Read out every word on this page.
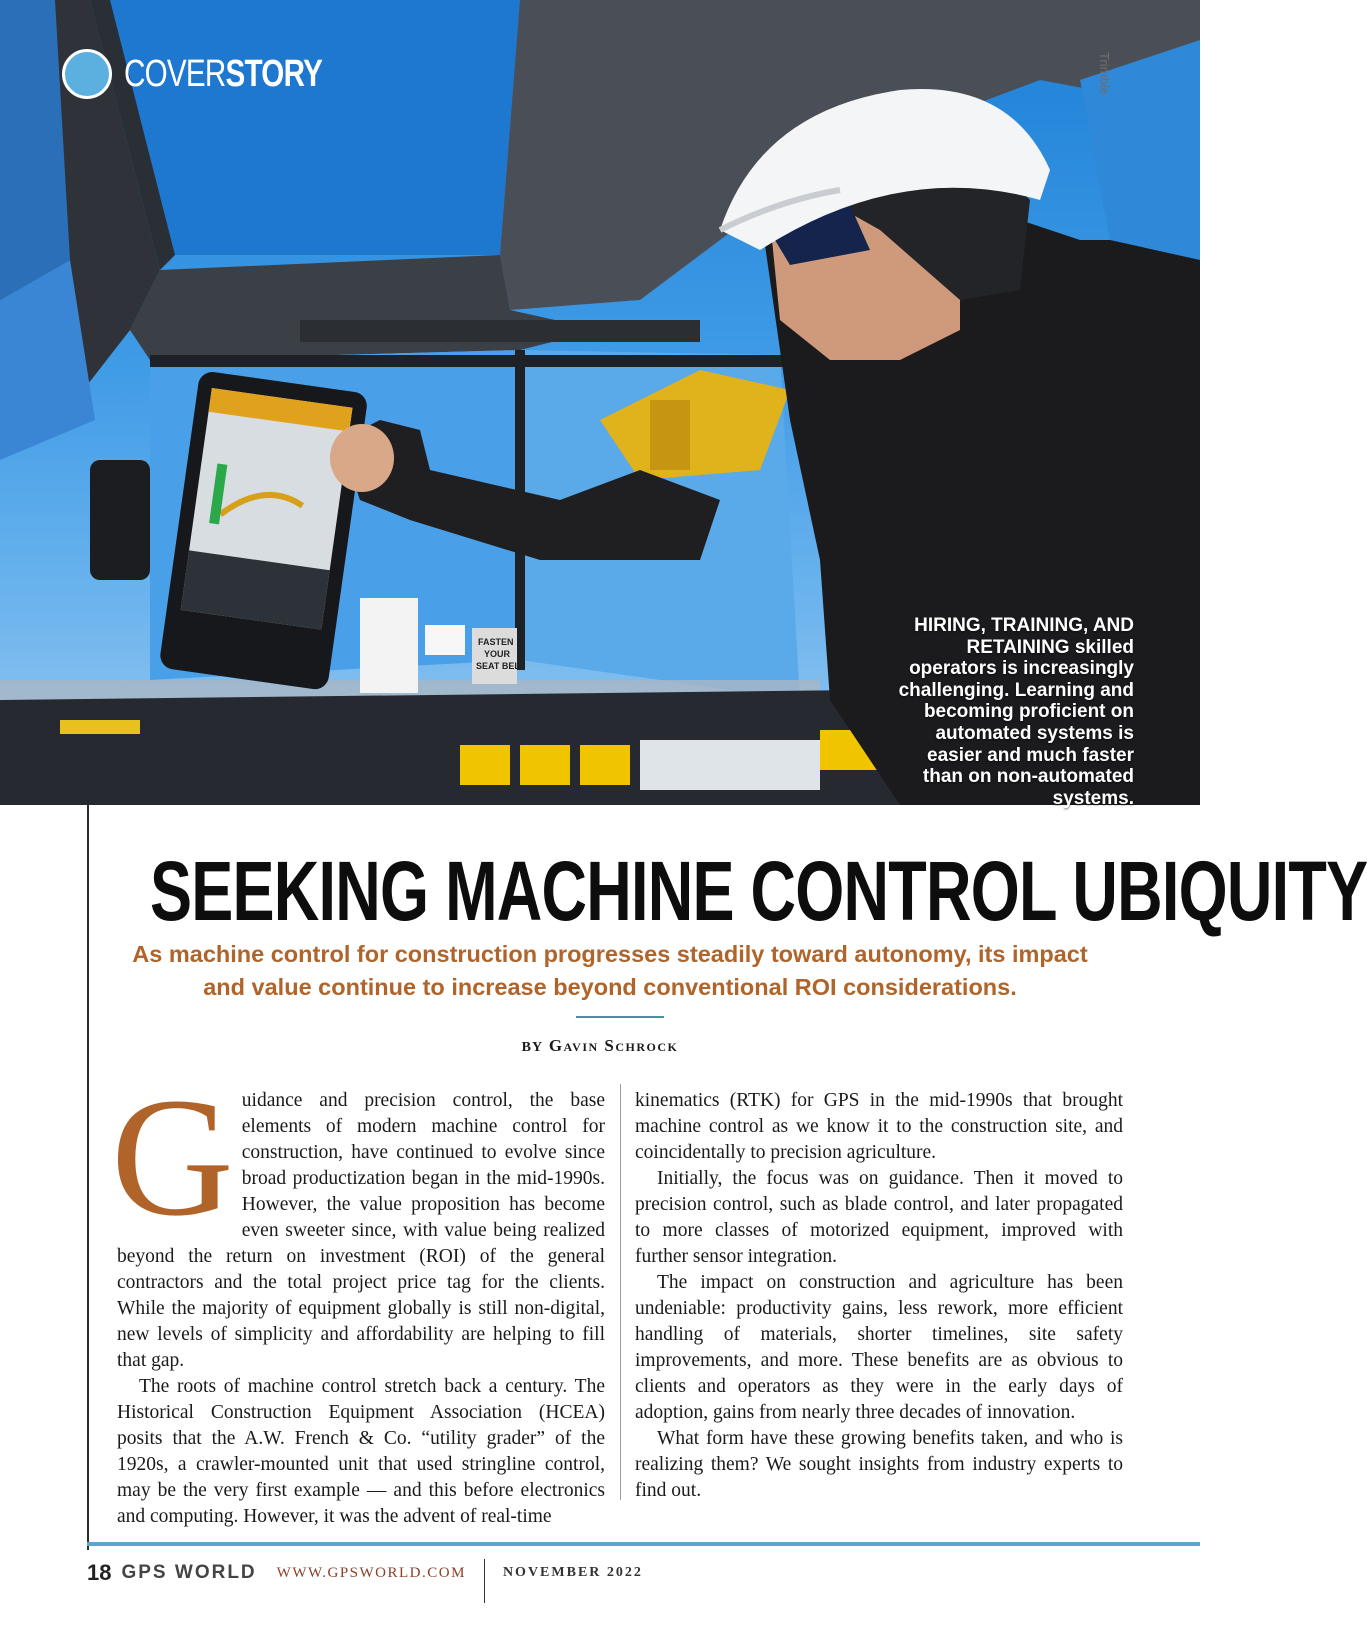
FASTEN
YOUR
SEAT BELT
COVERSTORY	Trimble
HIRING, TRAINING, AND RETAINING skilled operators is increasingly challenging. Learning and becoming proficient on automated systems is easier and much faster than on non-automated systems.
SEEKING MACHINE CONTROL UBIQUITY

As machine control for construction progresses steadily toward autonomy, its impact and value continue to increase beyond conventional ROI considerations.

BY Gavin Schrock

Guidance and precision control, the base elements of modern machine control for construction, have continued to evolve since broad productization began in the mid-1990s. However, the value proposition has become even sweeter since, with value being realized beyond the return on investment (ROI) of the general contractors and the total project price tag for the clients. While the majority of equipment globally is still non-digital, new levels of simplicity and affordability are helping to fill that gap.

The roots of machine control stretch back a century. The Historical Construction Equipment Association (HCEA) posits that the A.W. French & Co. “utility grader” of the 1920s, a crawler-mounted unit that used stringline control, may be the very first example — and this before electronics and computing. However, it was the advent of real-time

kinematics (RTK) for GPS in the mid-1990s that brought machine control as we know it to the construction site, and coincidentally to precision agriculture.

Initially, the focus was on guidance. Then it moved to precision control, such as blade control, and later propagated to more classes of motorized equipment, improved with further sensor integration.

The impact on construction and agriculture has been undeniable: productivity gains, less rework, more efficient handling of materials, shorter timelines, site safety improvements, and more. These benefits are as obvious to clients and operators as they were in the early days of adoption, gains from nearly three decades of innovation.

What form have these growing benefits taken, and who is realizing them? We sought insights from industry experts to find out.

18 GPS WORLD WWW.GPSWORLD.COM	NOVEMBER 2022
